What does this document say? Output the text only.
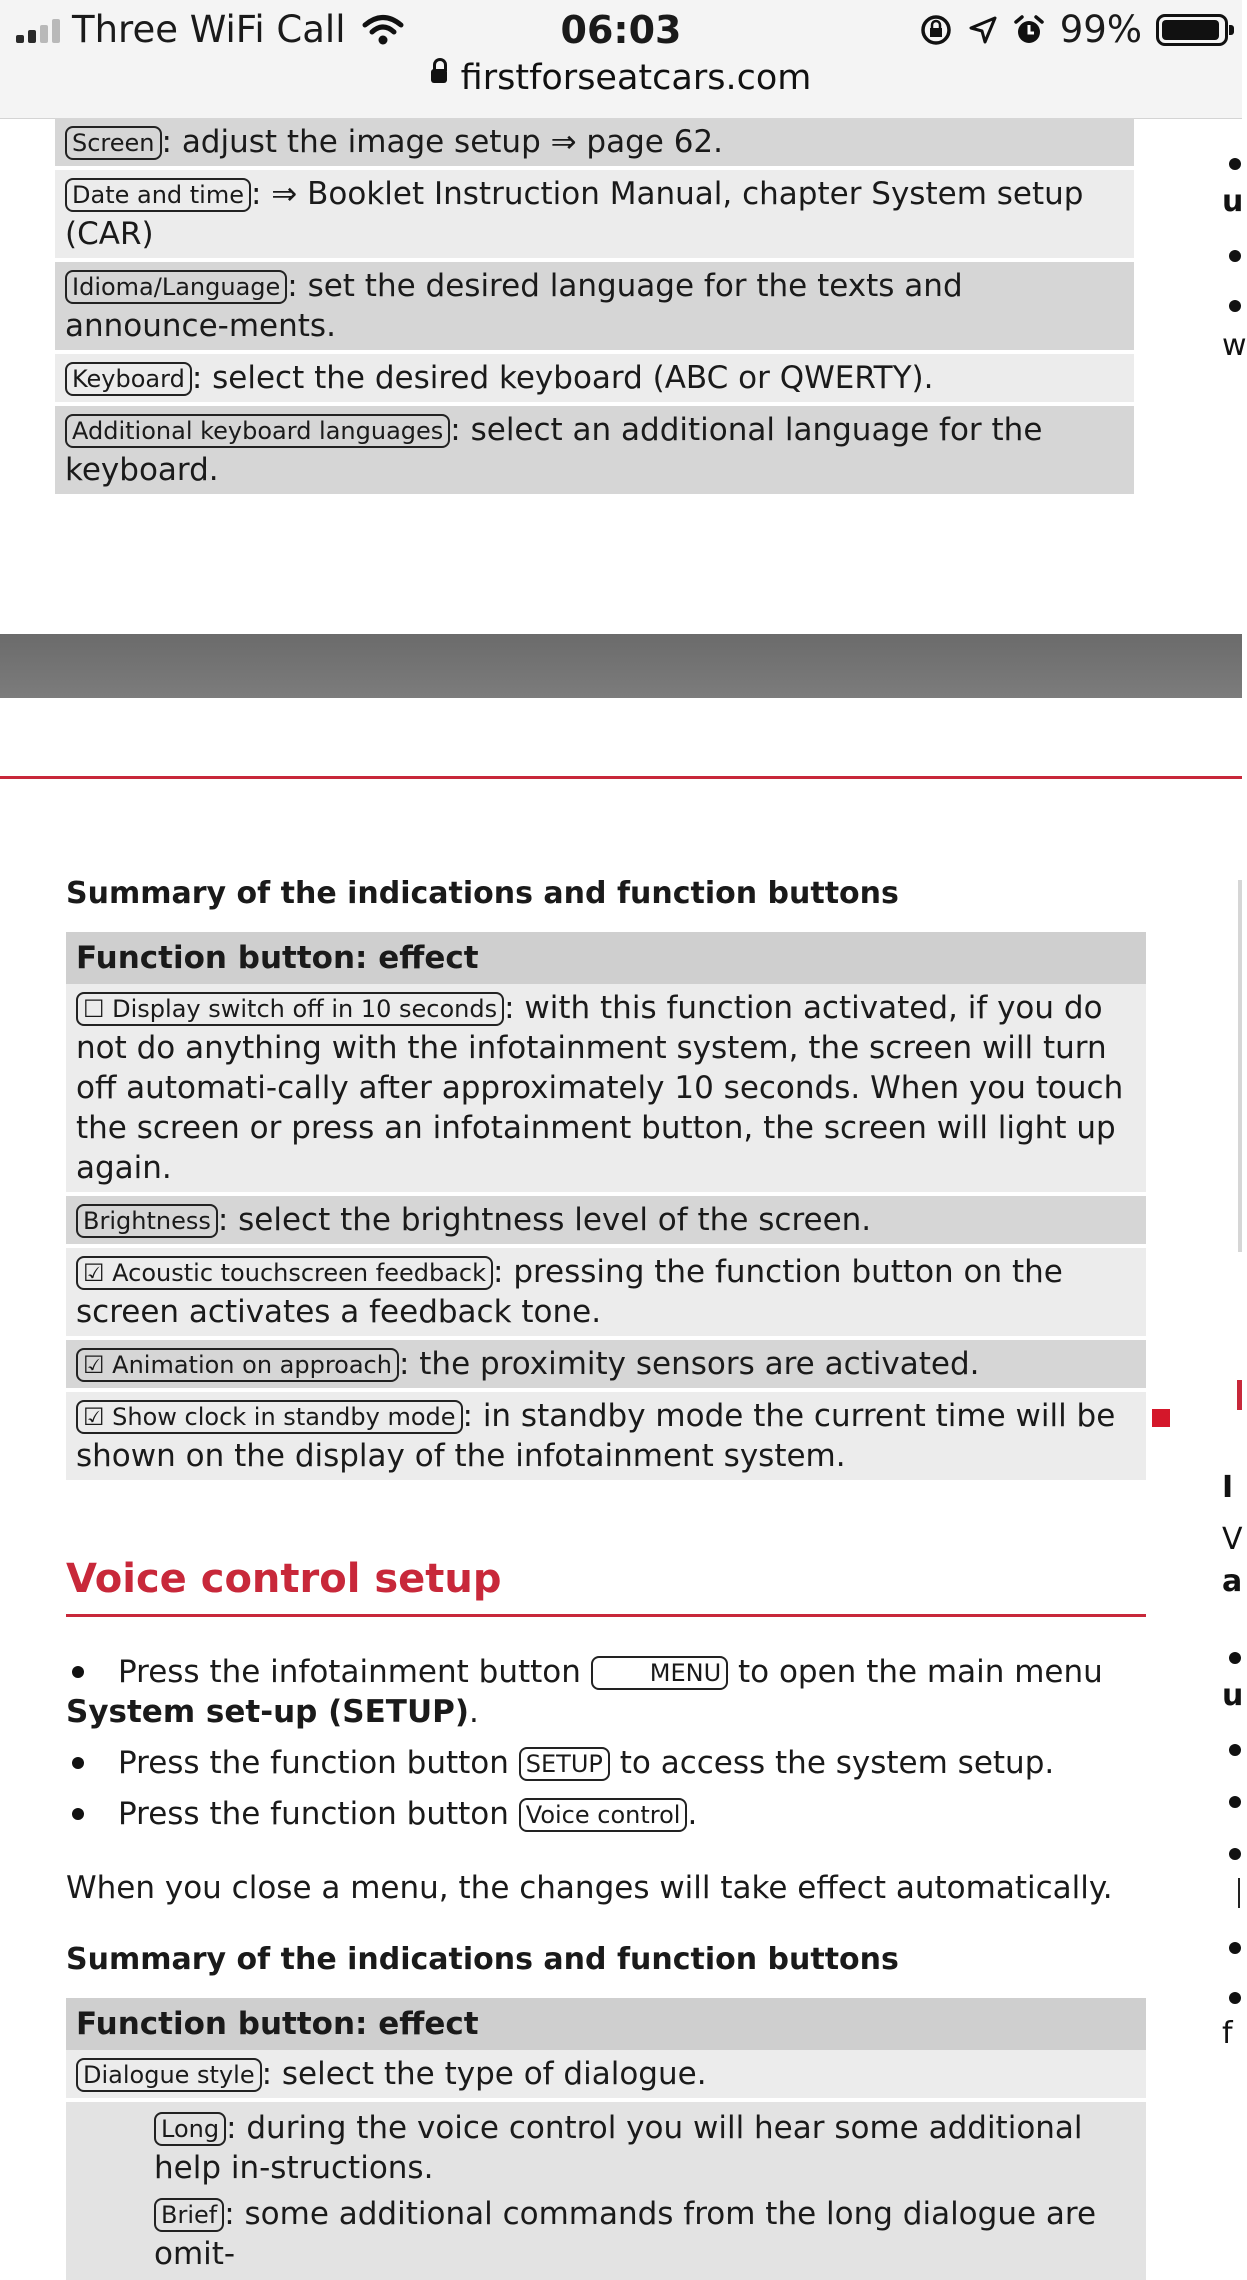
Three WiFi Call	06:03	99%
firstforseatcars.com
Screen : adjust the image setup ⇒ page 62.
Date and time : ⇒ Booklet Instruction Manual, chapter System setup (CAR)
Idioma/Language : set the desired language for the texts and announce-ments.
Keyboard : select the desired keyboard (ABC or QWERTY).
Additional keyboard languages : select an additional language for the keyboard.
Summary of the indications and function buttons
Function button: effect
☐ Display switch off in 10 seconds : with this function activated, if you do not do anything with the infotainment system, the screen will turn off automati-cally after approximately 10 seconds. When you touch the screen or press an infotainment button, the screen will light up again.
Brightness : select the brightness level of the screen.
☑ Acoustic touchscreen feedback : pressing the function button on the screen activates a feedback tone.
☑ Animation on approach : the proximity sensors are activated.
☑ Show clock in standby mode : in standby mode the current time will be shown on the display of the infotainment system.
Voice control setup
Press the infotainment button MENU to open the main menu System set-up (SETUP).
Press the function button SETUP to access the system setup.
Press the function button Voice control .
When you close a menu, the changes will take effect automatically.
Summary of the indications and function buttons
Function button: effect
Dialogue style : select the type of dialogue.
Long : during the voice control you will hear some additional help in-structions.
Brief : some additional commands from the long dialogue are omit-
u
w
I
V
a
u
f
